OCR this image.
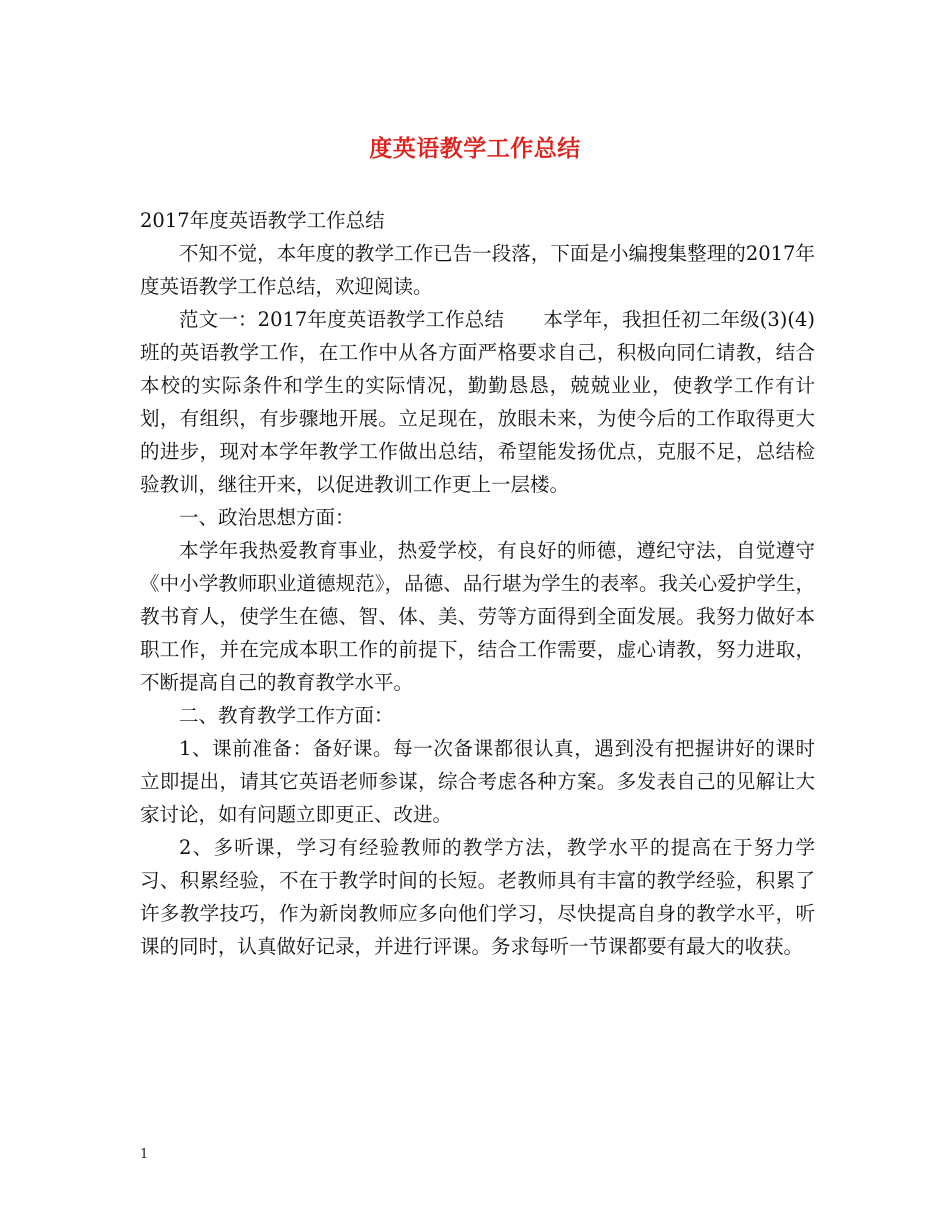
度英语教学工作总结

2017年度英语教学工作总结

不知不觉，本年度的教学工作已告一段落，下面是小编搜集整理的2017年度英语教学工作总结，欢迎阅读。

范文一：2017年度英语教学工作总结　　本学年，我担任初二年级(3)(4)班的英语教学工作，在工作中从各方面严格要求自己，积极向同仁请教，结合本校的实际条件和学生的实际情况，勤勤恳恳，兢兢业业，使教学工作有计划，有组织，有步骤地开展。立足现在，放眼未来，为使今后的工作取得更大的进步，现对本学年教学工作做出总结，希望能发扬优点，克服不足，总结检验教训，继往开来，以促进教训工作更上一层楼。

一、政治思想方面：

本学年我热爱教育事业，热爱学校，有良好的师德，遵纪守法，自觉遵守《中小学教师职业道德规范》，品德、品行堪为学生的表率。我关心爱护学生，教书育人，使学生在德、智、体、美、劳等方面得到全面发展。我努力做好本职工作，并在完成本职工作的前提下，结合工作需要，虚心请教，努力进取，不断提高自己的教育教学水平。

二、教育教学工作方面：

1、课前准备：备好课。每一次备课都很认真，遇到没有把握讲好的课时立即提出，请其它英语老师参谋，综合考虑各种方案。多发表自己的见解让大家讨论，如有问题立即更正、改进。

2、多听课，学习有经验教师的教学方法，教学水平的提高在于努力学习、积累经验，不在于教学时间的长短。老教师具有丰富的教学经验，积累了许多教学技巧，作为新岗教师应多向他们学习，尽快提高自身的教学水平，听课的同时，认真做好记录，并进行评课。务求每听一节课都要有最大的收获。

1
